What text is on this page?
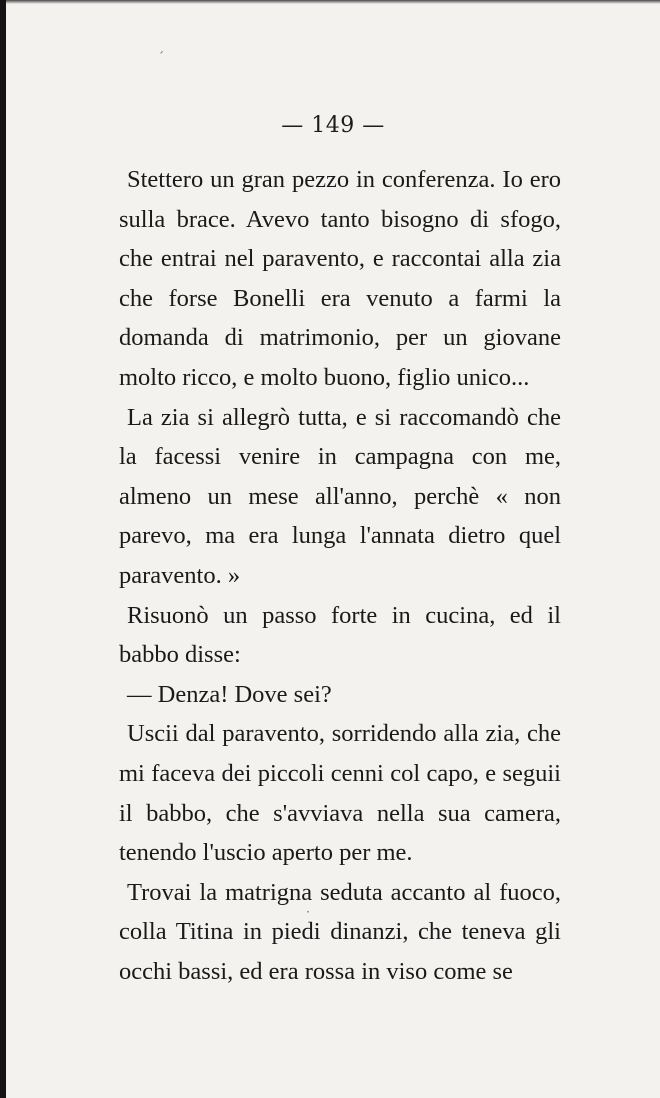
— 149 —

Stettero un gran pezzo in conferenza. Io ero sulla brace. Avevo tanto bisogno di sfogo, che entrai nel paravento, e raccontai alla zia che forse Bonelli era venuto a farmi la domanda di matrimonio, per un giovane molto ricco, e molto buono, figlio unico...

La zia si allegrò tutta, e si raccomandò che la facessi venire in campagna con me, almeno un mese all'anno, perchè « non parevo, ma era lunga l'annata dietro quel paravento. »

Risuonò un passo forte in cucina, ed il babbo disse:

— Denza! Dove sei?

Uscii dal paravento, sorridendo alla zia, che mi faceva dei piccoli cenni col capo, e seguii il babbo, che s'avviava nella sua camera, tenendo l'uscio aperto per me.

Trovai la matrigna seduta accanto al fuoco, colla Titina in piedi dinanzi, che teneva gli occhi bassi, ed era rossa in viso come se

´
·
